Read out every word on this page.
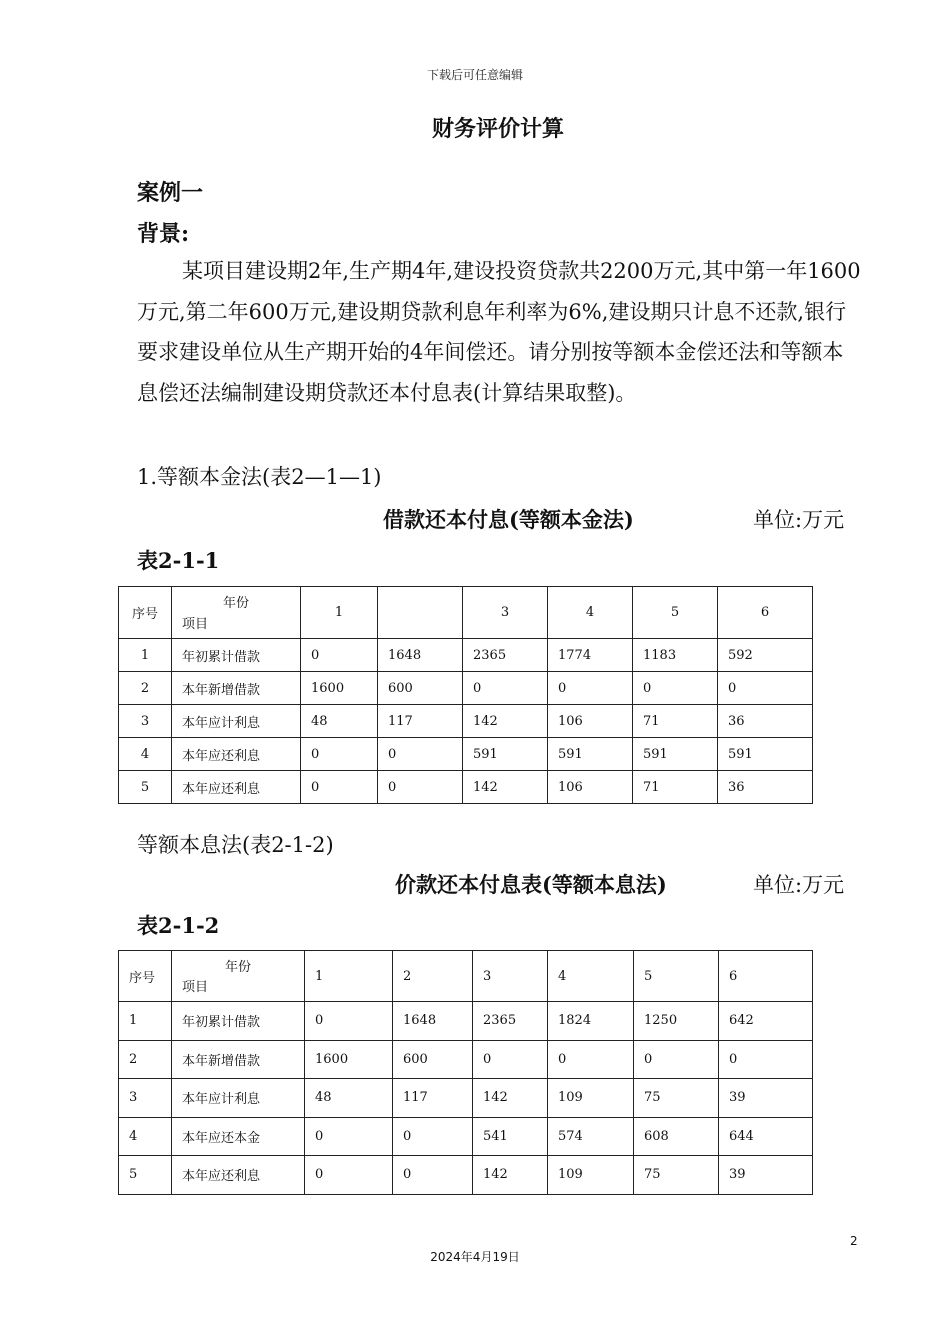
下载后可任意编辑
财务评价计算
案例一
背景:
某项目建设期2年,生产期4年,建设投资贷款共2200万元,其中第一年1600万元,第二年600万元,建设期贷款利息年利率为6%,建设期只计息不还款,银行要求建设单位从生产期开始的4年间偿还。请分别按等额本金偿还法和等额本息偿还法编制建设期贷款还本付息表(计算结果取整)。
1.等额本金法(表2—1—1)
借款还本付息(等额本金法)	单位:万元
表2-1-1
序号	年份
项目	1		3	4	5	6
1	年初累计借款	0	1648	2365	1774	1183	592
2	本年新增借款	1600	600	0	0	0	0
3	本年应计利息	48	117	142	106	71	36
4	本年应还利息	0	0	591	591	591	591
5	本年应还利息	0	0	142	106	71	36
等额本息法(表2-1-2)
价款还本付息表(等额本息法)	单位:万元
表2-1-2
序号	年份
项目	1	2	3	4	5	6
1	年初累计借款	0	1648	2365	1824	1250	642
2	本年新增借款	1600	600	0	0	0	0
3	本年应计利息	48	117	142	109	75	39
4	本年应还本金	0	0	541	574	608	644
5	本年应还利息	0	0	142	109	75	39
2
2024年4月19日
